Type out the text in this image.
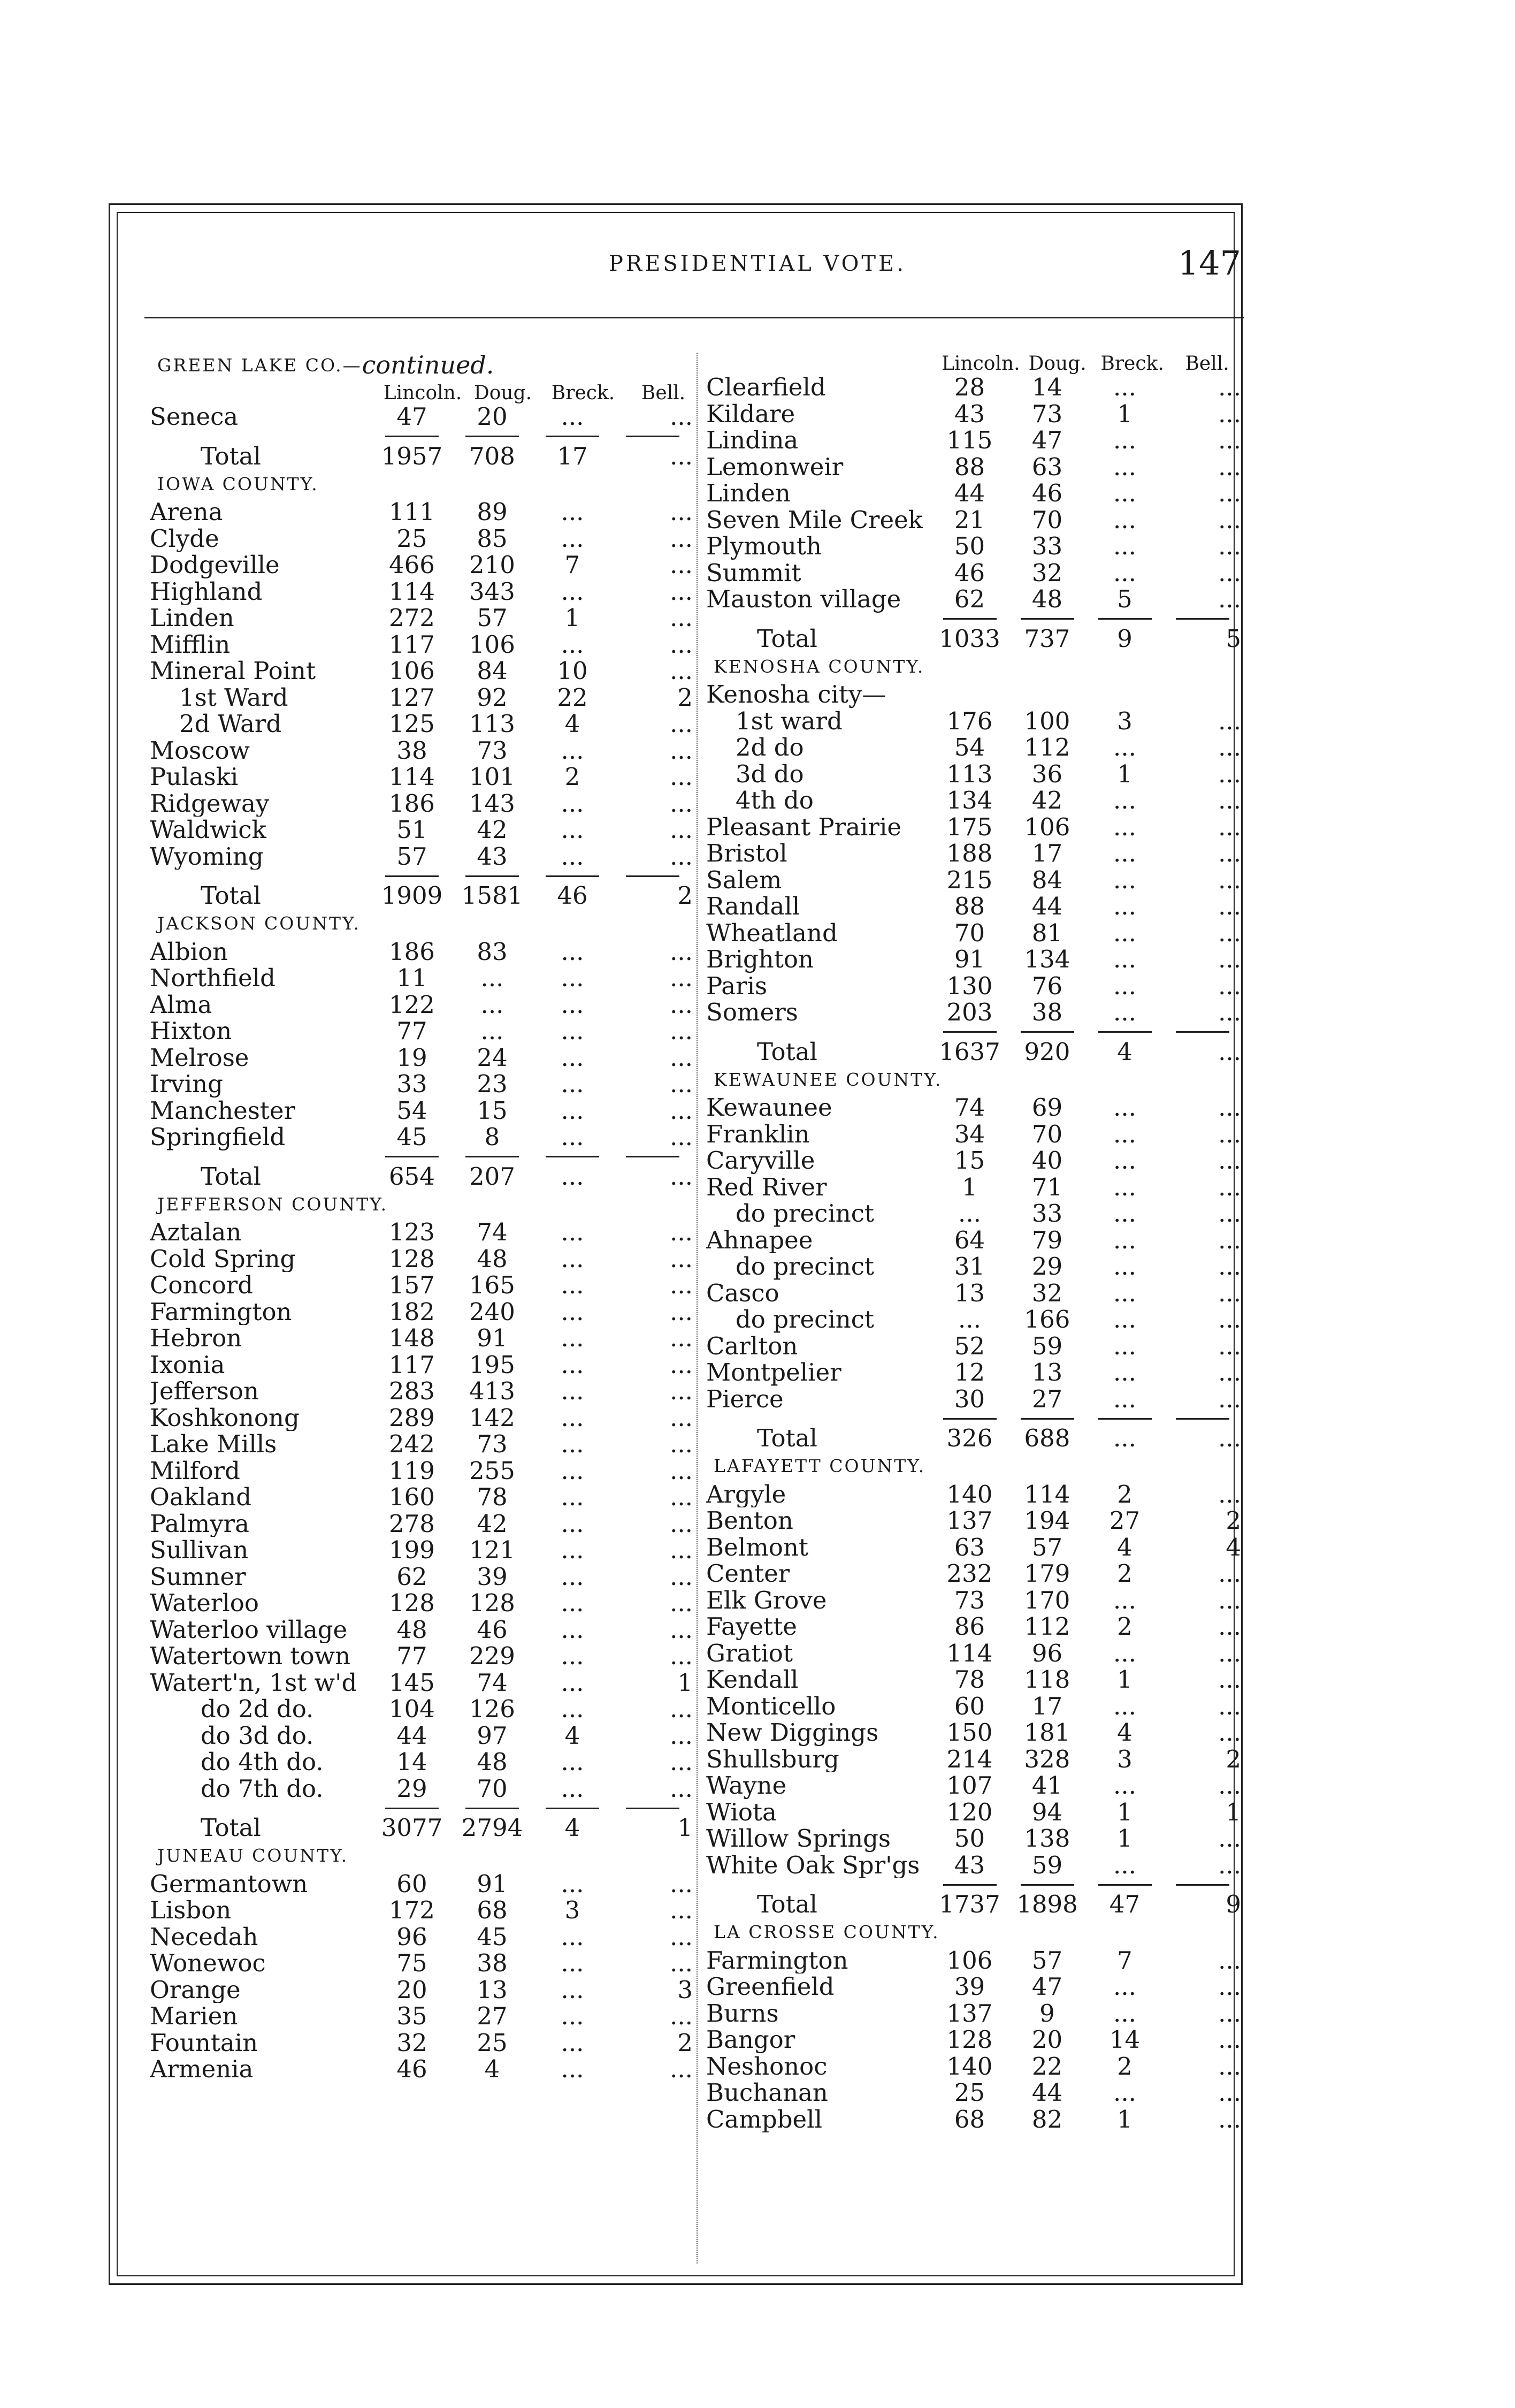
PRESIDENTIAL VOTE.	147
GREEN LAKE CO.— continued.
Lincoln. Doug.	Breck.	Bell.
Seneca	47	20	...	...
Total	1957	708	17	...
IOWA COUNTY.
Arena	111	89	...	...
Clyde	25	85	...	...
Dodgeville	466	210	7	...
Highland	114	343	...	...
Linden	272	57	1	...
Mifflin	117	106	...	...
Mineral Point	106	84	10	...
1st Ward	127	92	22	2
2d Ward	125	113	4	...
Moscow	38	73	...	...
Pulaski	114	101	2	...
Ridgeway	186	143	...	...
Waldwick	51	42	...	...
Wyoming	57	43	...	...
Total	1909 1581	46	2
JACKSON COUNTY.
Albion	186	83	...	...
Northfield	11	...	...	...
Alma	122	...	...	...
Hixton	77	...	...	...
Melrose	19	24	...	...
Irving	33	23	...	...
Manchester	54	15	...	...
Springfield	45	8	...	...
Total	654	207	...	...
JEFFERSON COUNTY.
Aztalan	123	74	...	...
Cold Spring	128	48	...	...
Concord	157	165	...	...
Farmington	182	240	...	...
Hebron	148	91	...	...
Ixonia	117	195	...	...
Jefferson	283	413	...	...
Koshkonong	289	142	...	...
Lake Mills	242	73	...	...
Milford	119	255	...	...
Oakland	160	78	...	...
Palmyra	278	42	...	...
Sullivan	199	121	...	...
Sumner	62	39	...	...
Waterloo	128	128	...	...
Waterloo village	48	46	...	...
Watertown town	77	229	...	...
Watert'n, 1st w'd	145	74	...	1
do 2d do.	104	126	...	...
do 3d do.	44	97	4	...
do 4th do.	14	48	...	...
do 7th do.	29	70	...	...
Total	3077 2794	4	1
JUNEAU COUNTY.
Germantown	60	91	...	...
Lisbon	172	68	3	...
Necedah	96	45	...	...
Wonewoc	75	38	...	...
Orange	20	13	...	3
Marien	35	27	...	...
Fountain	32	25	...	2
Armenia	46	4	...	...
Lincoln. Doug. Breck.	Bell.
Clearfield	28	14	...	...
Kildare	43	73	1	...
Lindina	115	47	...	...
Lemonweir	88	63	...	...
Linden	44	46	...	...
Seven Mile Creek	21	70	...	...
Plymouth	50	33	...	...
Summit	46	32	...	...
Mauston village	62	48	5	...
Total	1033 737	9	5
KENOSHA COUNTY.
Kenosha city—
1st ward	176	100	3	...
2d do	54	112	...	...
3d do	113	36	1	...
4th do	134	42	...	...
Pleasant Prairie	175	106	...	...
Bristol	188	17	...	...
Salem	215	84	...	...
Randall	88	44	...	...
Wheatland	70	81	...	...
Brighton	91	134	...	...
Paris	130	76	...	...
Somers	203	38	...	...
Total	1637 920	4	...
KEWAUNEE COUNTY.
Kewaunee	74	69	...	...
Franklin	34	70	...	...
Caryville	15	40	...	...
Red River	1	71	...	...
do precinct	...	33	...	...
Ahnapee	64	79	...	...
do precinct	31	29	...	...
Casco	13	32	...	...
do precinct	...	166	...	...
Carlton	52	59	...	...
Montpelier	12	13	...	...
Pierce	30	27	...	...
Total	326	688	...	...
LAFAYETT COUNTY.
Argyle	140	114	2	...
Benton	137	194	27	2
Belmont	63	57	4	4
Center	232	179	2	...
Elk Grove	73	170	...	...
Fayette	86	112	2	...
Gratiot	114	96	...	...
Kendall	78	118	1	...
Monticello	60	17	...	...
New Diggings	150	181	4	...
Shullsburg	214	328	3	2
Wayne	107	41	...	...
Wiota	120	94	1	1
Willow Springs	50	138	1	...
White Oak Spr'gs	43	59	...	...
Total	1737 1898	47	9
LA CROSSE COUNTY.
Farmington	106	57	7	...
Greenfield	39	47	...	...
Burns	137	9	...	...
Bangor	128	20	14	...
Neshonoc	140	22	2	...
Buchanan	25	44	...	...
Campbell	68	82	1	...
